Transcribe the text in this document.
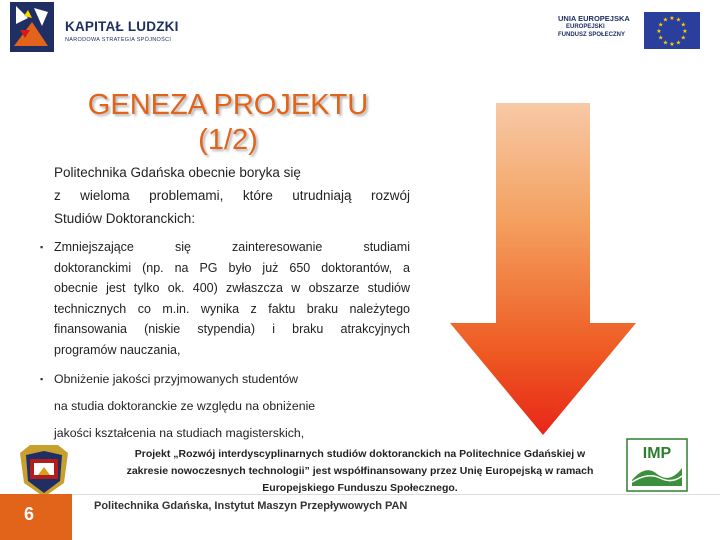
KAPITAŁ LUDZKI
NARODOWA STRATEGIA SPÓJNOŚCI
UNIA EUROPEJSKA
EUROPEJSKI
FUNDUSZ SPOŁECZNY
★ ★
★
★
★
★
★
★
★
★
★
★
GENEZA PROJEKTU
(1/2)
Politechnika Gdańska obecnie boryka się
z wieloma problemami, które utrudniają rozwój
Studiów Doktoranckich:
▪ Zmniejszające się zainteresowanie studiami
doktoranckimi (np. na PG było już 650 doktorantów, a
obecnie jest tylko ok. 400) zwłaszcza w obszarze studiów
technicznych co m.in. wynika z faktu braku należytego
finansowania (niskie stypendia) i braku atrakcyjnych
programów nauczania,
▪ Obniżenie jakości przyjmowanych studentów
na studia doktoranckie ze względu na obniżenie
jakości kształcenia na studiach magisterskich,
Projekt „Rozwój interdyscyplinarnych studiów doktoranckich na Politechnice Gdańskiej w
zakresie nowoczesnych technologii” jest współfinansowany przez Unię Europejską w ramach
Europejskiego Funduszu Społecznego.
IMP
6	Politechnika Gdańska, Instytut Maszyn Przepływowych PAN
